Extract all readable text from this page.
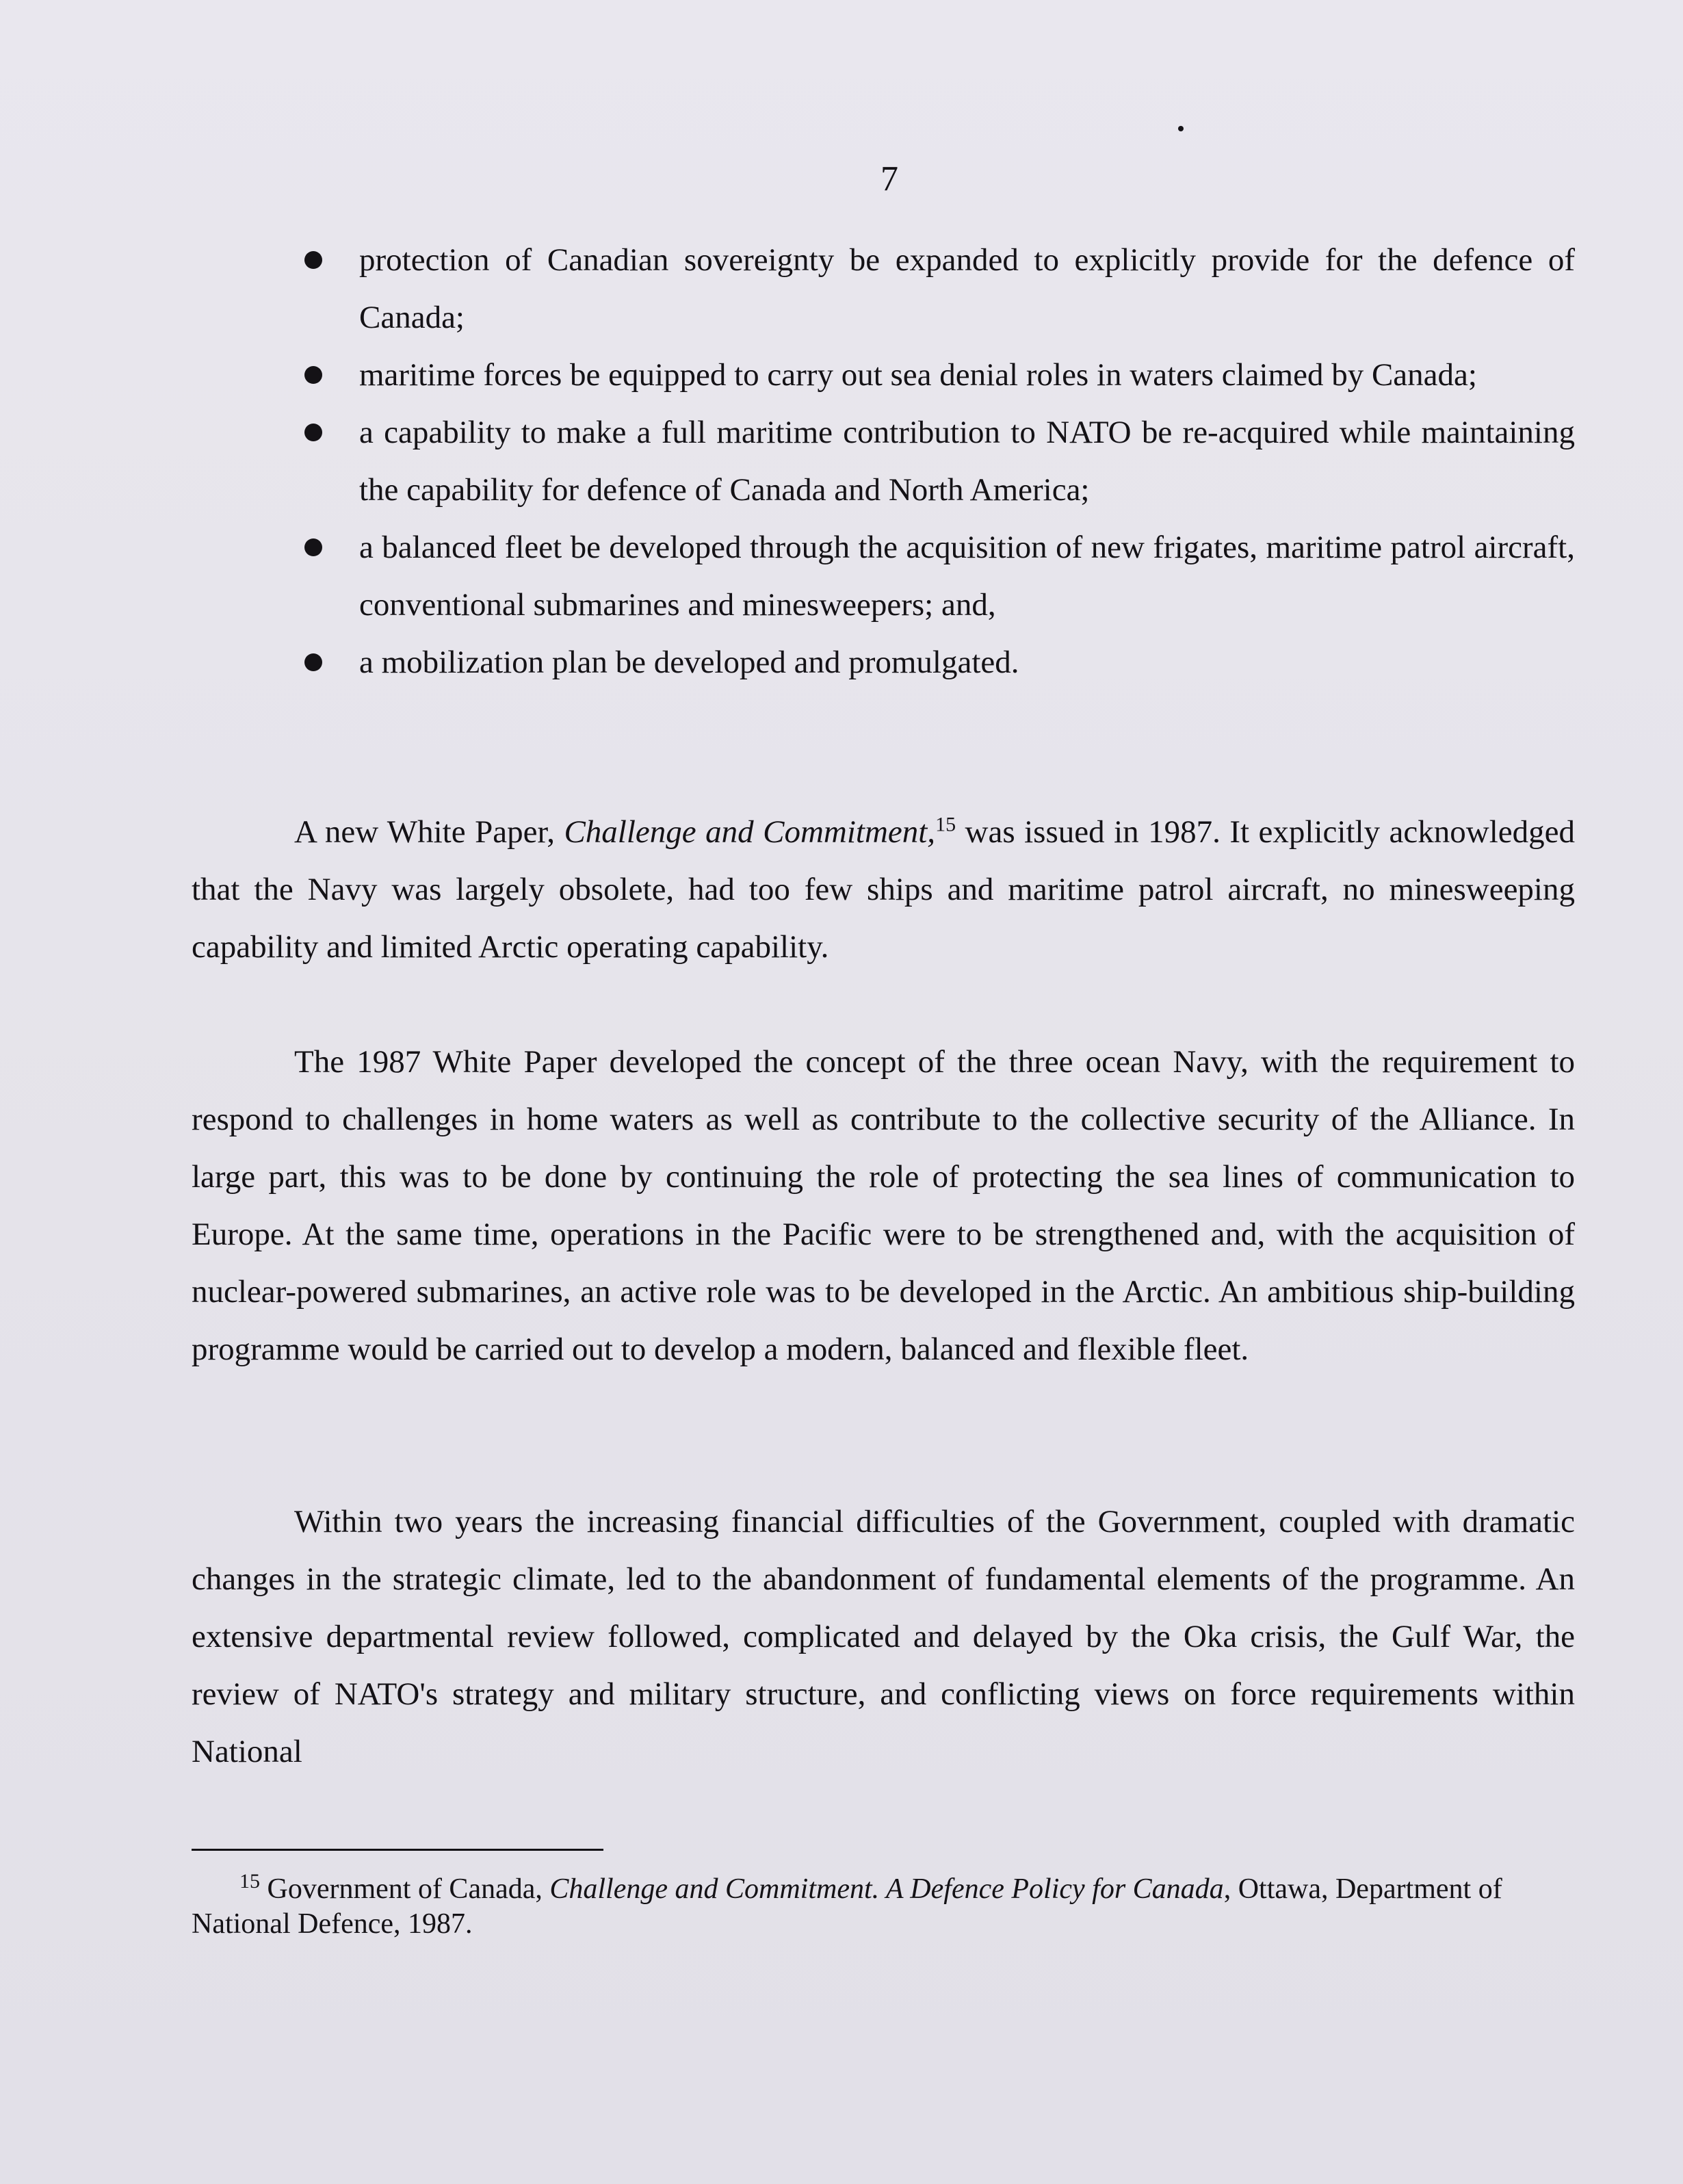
7
protection of Canadian sovereignty be expanded to explicitly provide for the defence of Canada;
maritime forces be equipped to carry out sea denial roles in waters claimed by Canada;
a capability to make a full maritime contribution to NATO be re-acquired while maintaining the capability for defence of Canada and North America;
a balanced fleet be developed through the acquisition of new frigates, maritime patrol aircraft, conventional submarines and minesweepers; and,
a mobilization plan be developed and promulgated.

A new White Paper, Challenge and Commitment,$^{15}$ was issued in 1987. It explicitly acknowledged that the Navy was largely obsolete, had too few ships and maritime patrol aircraft, no minesweeping capability and limited Arctic operating capability.

The 1987 White Paper developed the concept of the three ocean Navy, with the requirement to respond to challenges in home waters as well as contribute to the collective security of the Alliance. In large part, this was to be done by continuing the role of protecting the sea lines of communication to Europe. At the same time, operations in the Pacific were to be strengthened and, with the acquisition of nuclear-powered submarines, an active role was to be developed in the Arctic. An ambitious ship-building programme would be carried out to develop a modern, balanced and flexible fleet.

Within two years the increasing financial difficulties of the Government, coupled with dramatic changes in the strategic climate, led to the abandonment of fundamental elements of the programme. An extensive departmental review followed, complicated and delayed by the Oka crisis, the Gulf War, the review of NATO's strategy and military structure, and conflicting views on force requirements within National

$^{15}$ Government of Canada, Challenge and Commitment. A Defence Policy for Canada, Ottawa, Department of National Defence, 1987.
